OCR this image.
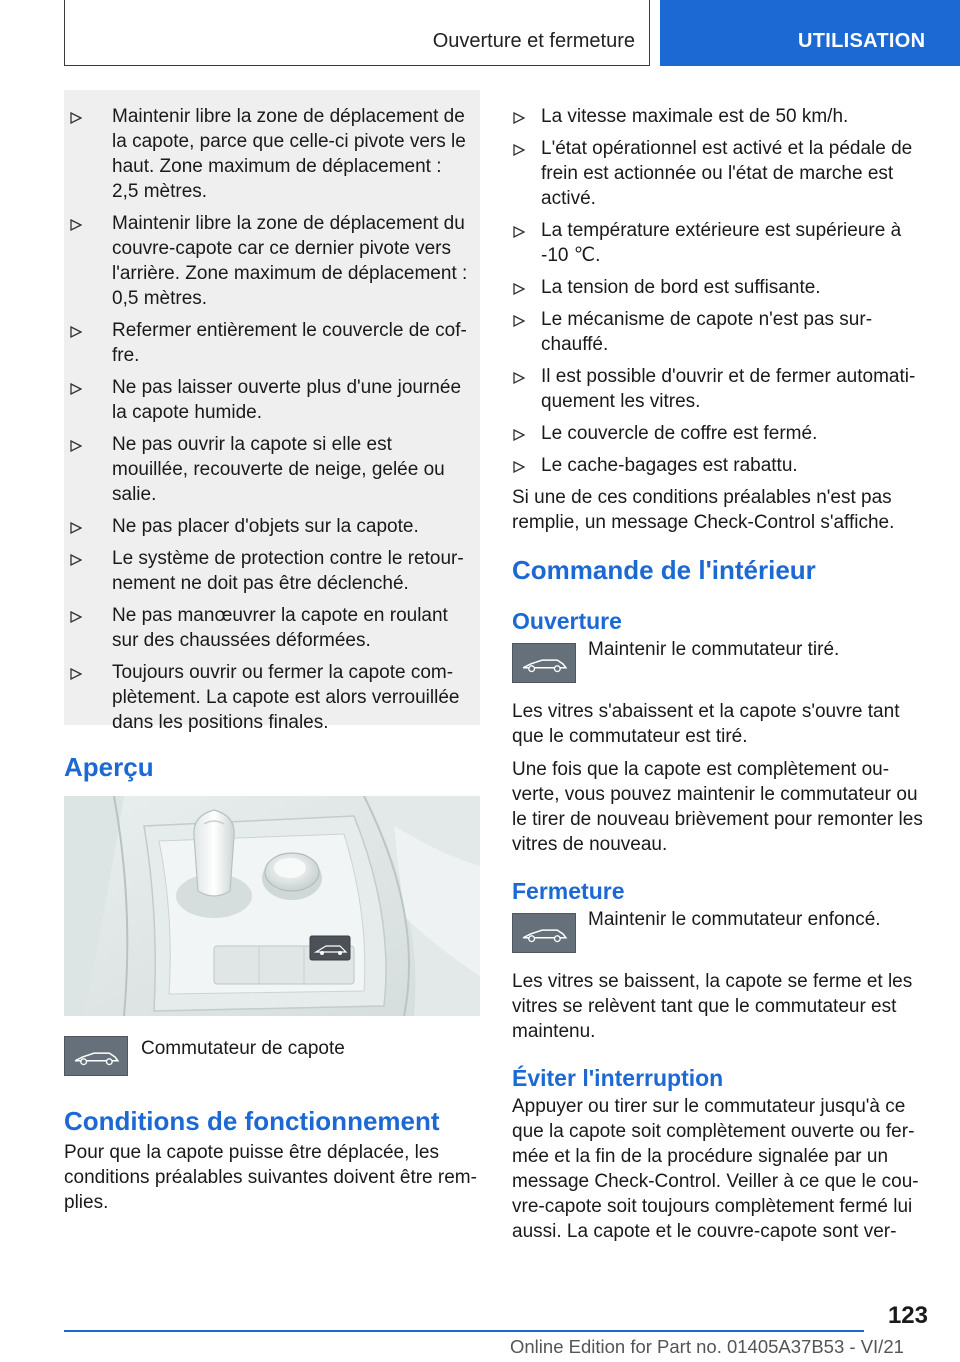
Ouverture et fermeture	UTILISATION
Maintenir libre la zone de déplacement de la capote, parce que celle-ci pivote vers le haut. Zone maximum de déplacement : 2,5 mètres.
Maintenir libre la zone de déplacement du couvre-capote car ce dernier pivote vers l'arrière. Zone maximum de déplacement : 0,5 mètres.
Refermer entièrement le couvercle de cof-fre.
Ne pas laisser ouverte plus d'une journée la capote humide.
Ne pas ouvrir la capote si elle est mouillée, recouverte de neige, gelée ou salie.
Ne pas placer d'objets sur la capote.
Le système de protection contre le retour-nement ne doit pas être déclenché.
Ne pas manœuvrer la capote en roulant sur des chaussées déformées.
Toujours ouvrir ou fermer la capote com-plètement. La capote est alors verrouillée dans les positions finales.
Aperçu

Commutateur de capote

Conditions de fonctionnement

Pour que la capote puisse être déplacée, les conditions préalables suivantes doivent être rem-plies.

La vitesse maximale est de 50 km/h.
L'état opérationnel est activé et la pédale de frein est actionnée ou l'état de marche est activé.
La température extérieure est supérieure à -10 ℃.
La tension de bord est suffisante.
Le mécanisme de capote n'est pas sur-chauffé.
Il est possible d'ouvrir et de fermer automati-quement les vitres.
Le couvercle de coffre est fermé.
Le cache-bagages est rabattu.

Si une de ces conditions préalables n'est pas remplie, un message Check-Control s'affiche.

Commande de l'intérieur
Ouverture

Maintenir le commutateur tiré.

Les vitres s'abaissent et la capote s'ouvre tant que le commutateur est tiré.

Une fois que la capote est complètement ou-verte, vous pouvez maintenir le commutateur ou le tirer de nouveau brièvement pour remonter les vitres de nouveau.

Fermeture

Maintenir le commutateur enfoncé.

Les vitres se baissent, la capote se ferme et les vitres se relèvent tant que le commutateur est maintenu.

Éviter l'interruption

Appuyer ou tirer sur le commutateur jusqu'à ce que la capote soit complètement ouverte ou fer-mée et la fin de la procédure signalée par un message Check-Control. Veiller à ce que le cou-vre-capote soit toujours complètement fermé lui aussi. La capote et le couvre-capote sont ver-

123
Online Edition for Part no. 01405A37B53 - VI/21
